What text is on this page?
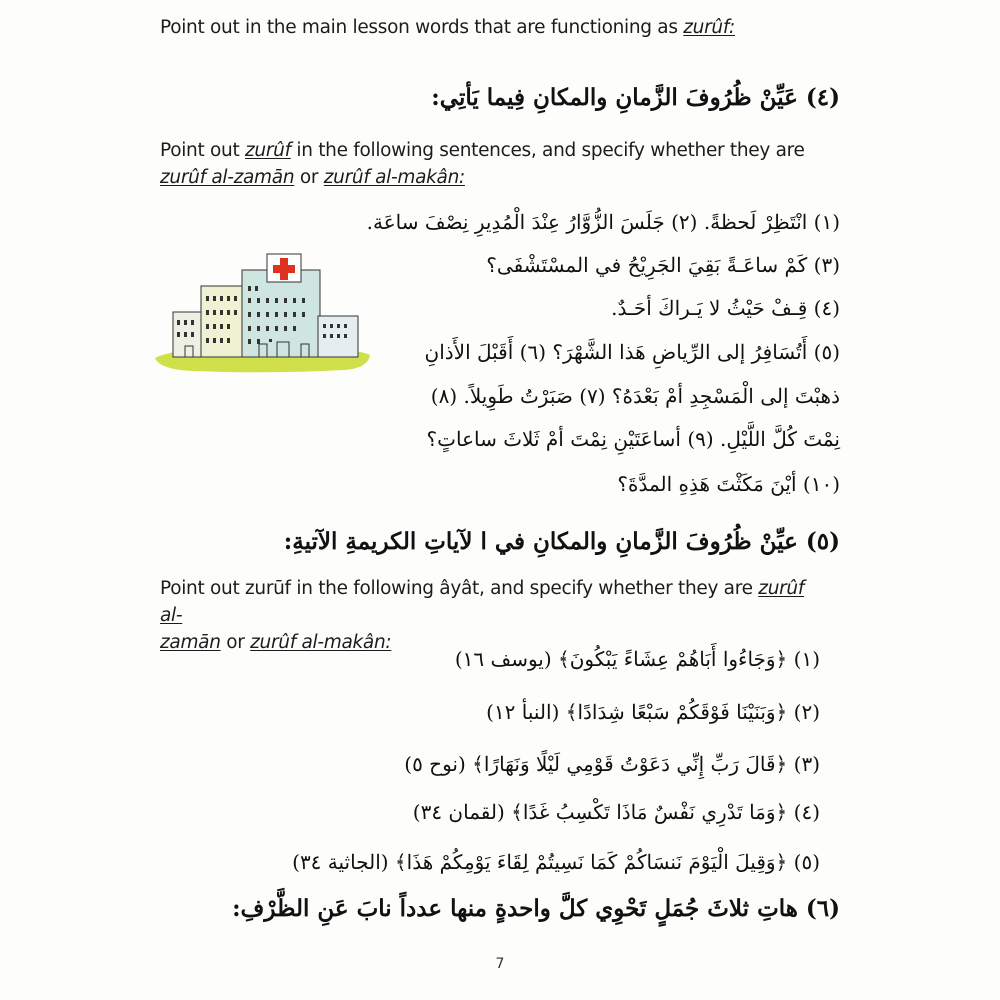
Point out in the main lesson words that are functioning as zurûf:
(٤) عَيِّنْ ظُرُوفَ الزَّمانِ والمكانِ فِيما يَأتِي:
Point out zurûf in the following sentences, and specify whether they are
zurûf al-zamān or zurûf al-makân:
(١) انْتَظِرْ لَحظةً. (٢) جَلَسَ الزُّوَّارُ عِنْدَ الْمُدِيرِ نِصْفَ ساعَة.
(٣) كَمْ ساعَـةً بَقِيَ الجَرِيْحُ في المسْتَشْفَى؟
(٤) قِـفْ حَيْثُ لا يَـراكَ أحَـدٌ.
(٥) أَتُسَافِرُ إلى الرِّياضِ هَذا الشَّهْرَ؟ (٦) أَقَبْلَ الأَذانِ
ذهبْتَ إلى الْمَسْجِدِ أمْ بَعْدَهُ؟ (٧) صَبَرْتُ طَوِيلاً. (٨)
نِمْتَ كُلَّ اللَّيْلِ. (٩) أساعَتَيْنِ نِمْتَ أمْ ثَلاثَ ساعاتٍ؟
(١٠) أيْنَ مَكَثْتَ هَذِهِ المدَّةَ؟
(٥) عيِّنْ ظُرُوفَ الزَّمانِ والمكانِ في ا لآياتِ الكريمةِ الآتيةِ:
Point out zurūf in the following âyât, and specify whether they are zurûf al-
zamān or zurûf al-makân:
(١) ﴿وَجَاءُوا أَبَاهُمْ عِشَاءً يَبْكُونَ﴾ (يوسف ١٦)
(٢) ﴿وَبَنَيْنَا فَوْقَكُمْ سَبْعًا شِدَادًا﴾ (النبأ ١٢)
(٣) ﴿قَالَ رَبِّ إِنِّي دَعَوْتُ قَوْمِي لَيْلًا وَنَهَارًا﴾ (نوح ٥)
(٤) ﴿وَمَا تَدْرِي نَفْسٌ مَاذَا تَكْسِبُ غَدًا﴾ (لقمان ٣٤)
(٥) ﴿وَقِيلَ الْيَوْمَ نَنسَاكُمْ كَمَا نَسِيتُمْ لِقَاءَ يَوْمِكُمْ هَذَا﴾ (الجاثية ٣٤)
(٦) هاتِ ثلاثَ جُمَلٍ تَحْوِي كلَّ واحدةٍ منها عدداً نابَ عَنِ الظَّرْفِ:
7
